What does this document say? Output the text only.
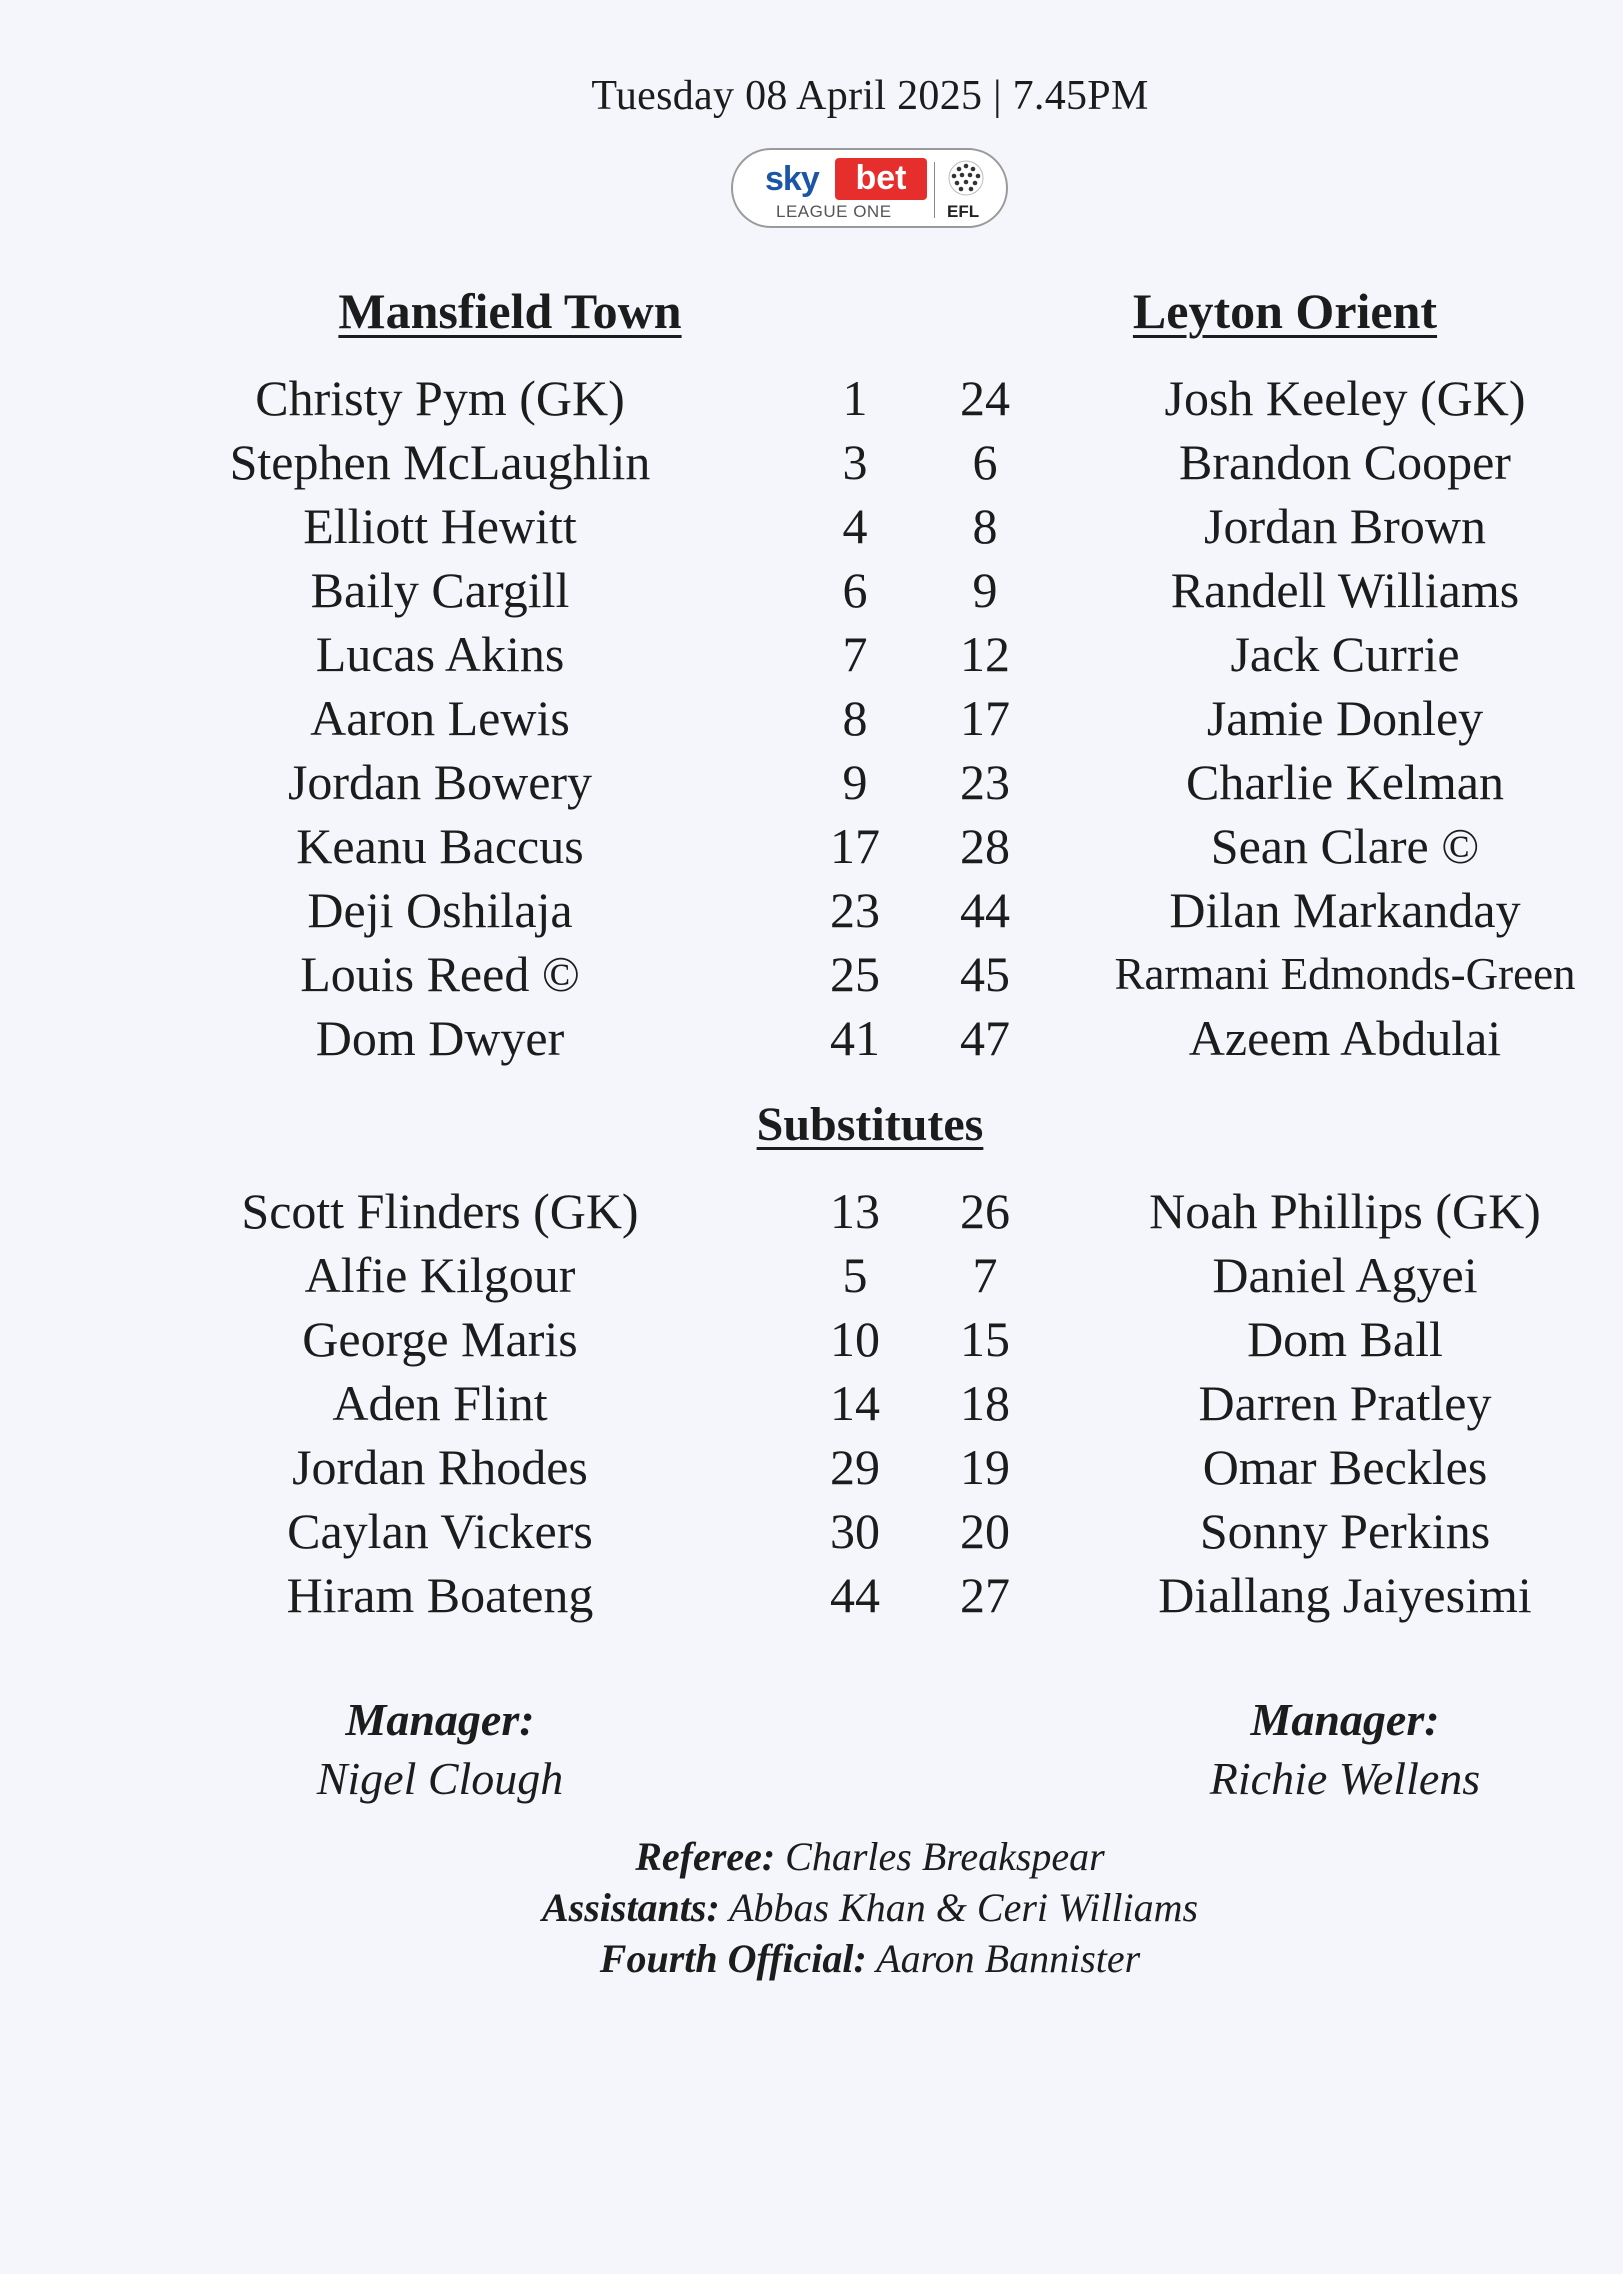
Tuesday 08 April 2025 | 7.45PM
sky	bet
LEAGUE ONE	EFL
Mansfield Town	Leyton Orient
Christy Pym (GK)	1	24	Josh Keeley (GK)
Stephen McLaughlin	3	6	Brandon Cooper
Elliott Hewitt	4	8	Jordan Brown
Baily Cargill	6	9	Randell Williams
Lucas Akins	7	12	Jack Currie
Aaron Lewis	8	17	Jamie Donley
Jordan Bowery	9	23	Charlie Kelman
Keanu Baccus	17	28	Sean Clare ©
Deji Oshilaja	23	44	Dilan Markanday
Louis Reed ©	25	45	Rarmani Edmonds-Green
Dom Dwyer	41	47	Azeem Abdulai
Substitutes
Scott Flinders (GK)	13	26	Noah Phillips (GK)
Alfie Kilgour	5	7	Daniel Agyei
George Maris	10	15	Dom Ball
Aden Flint	14	18	Darren Pratley
Jordan Rhodes	29	19	Omar Beckles
Caylan Vickers	30	20	Sonny Perkins
Hiram Boateng	44	27	Diallang Jaiyesimi
Manager:
Nigel Clough
Manager:
Richie Wellens
Referee: Charles Breakspear
Assistants: Abbas Khan & Ceri Williams
Fourth Official: Aaron Bannister
